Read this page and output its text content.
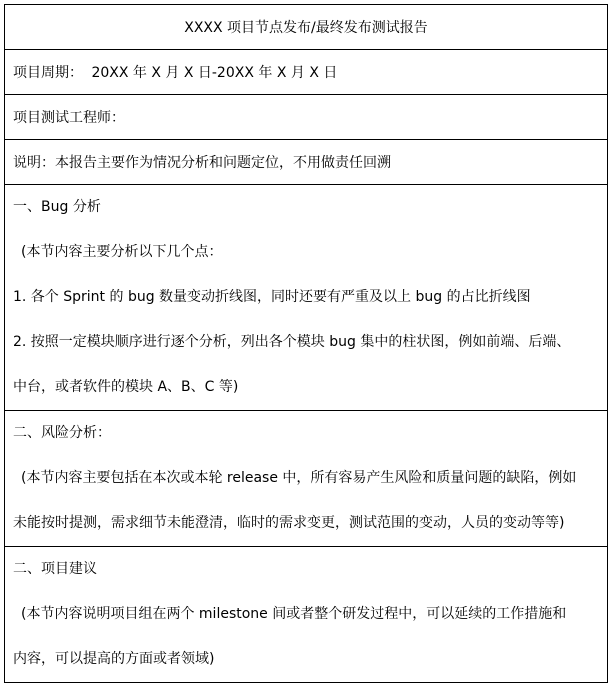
XXXX 项目节点发布/最终发布测试报告
项目周期： 20XX 年 X 月 X 日-20XX 年 X 月 X 日
项目测试工程师：
说明：本报告主要作为情况分析和问题定位，不用做责任回溯

一、Bug 分析
(本节内容主要分析以下几个点：
1. 各个 Sprint 的 bug 数量变动折线图，同时还要有严重及以上 bug 的占比折线图
2. 按照一定模块顺序进行逐个分析，列出各个模块 bug 集中的柱状图，例如前端、后端、
中台，或者软件的模块 A、B、C 等)

二、风险分析：
(本节内容主要包括在本次或本轮 release 中，所有容易产生风险和质量问题的缺陷，例如
未能按时提测，需求细节未能澄清，临时的需求变更，测试范围的变动，人员的变动等等)

二、项目建议
(本节内容说明项目组在两个 milestone 间或者整个研发过程中，可以延续的工作措施和
内容，可以提高的方面或者领域)
